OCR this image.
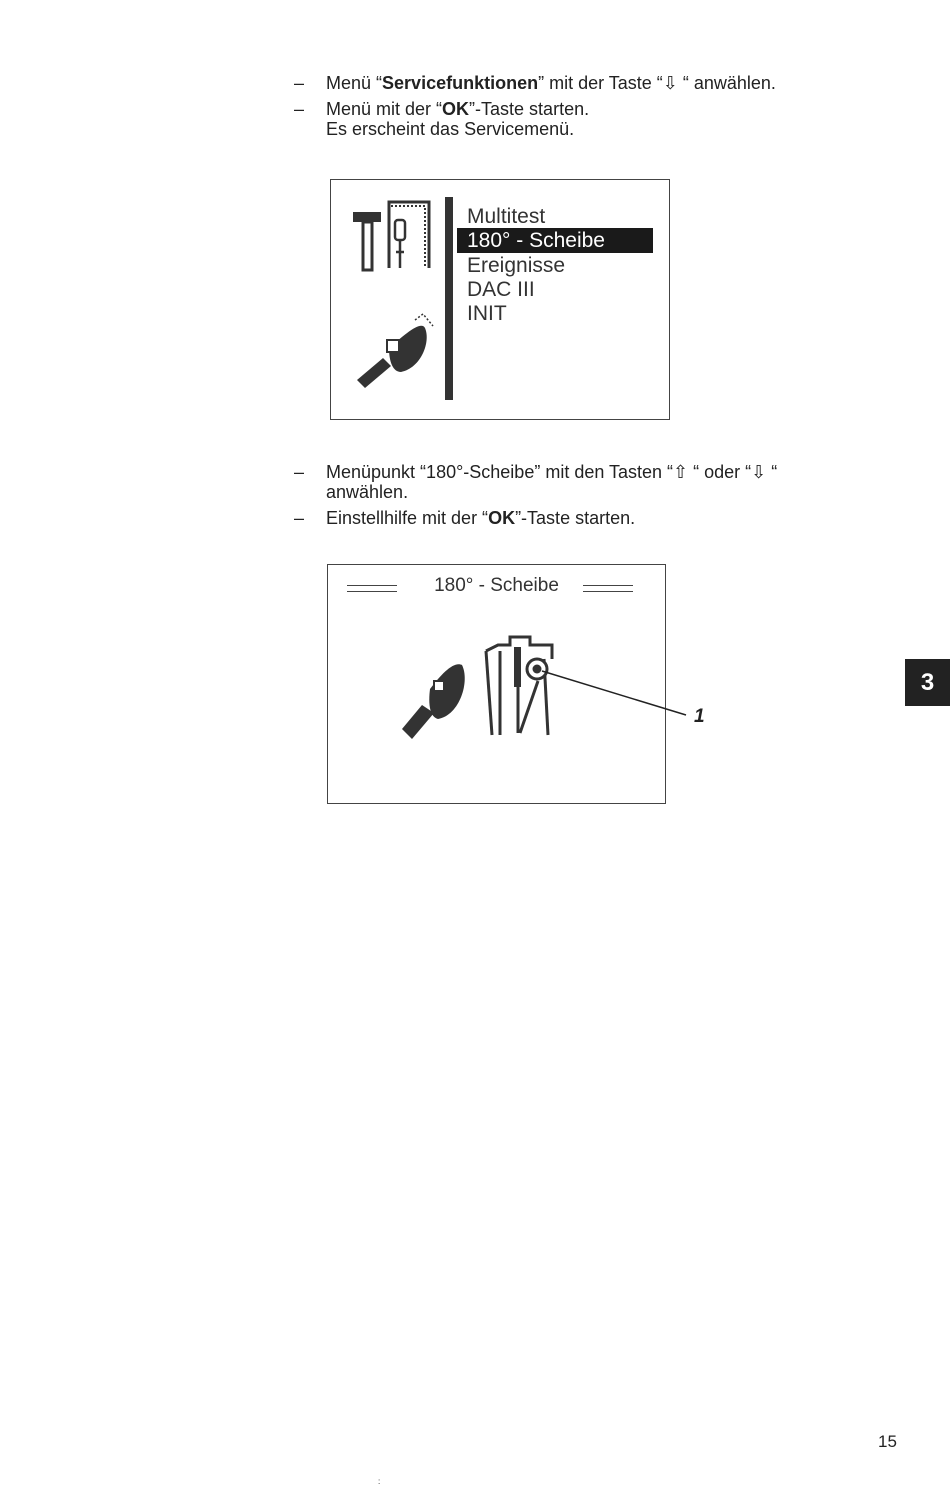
– Menü “Servicefunktionen” mit der Taste “⇩ “ anwählen.
– Menü mit der “OK”-Taste starten.
Es erscheint das Servicemenü.
Multitest
180° - Scheibe
Ereignisse
DAC III
INIT
– Menüpunkt “180°-Scheibe” mit den Tasten “⇧ “ oder “⇩ “
anwählen.
– Einstellhilfe mit der “OK”-Taste starten.
180° - Scheibe
1
3
15
:
